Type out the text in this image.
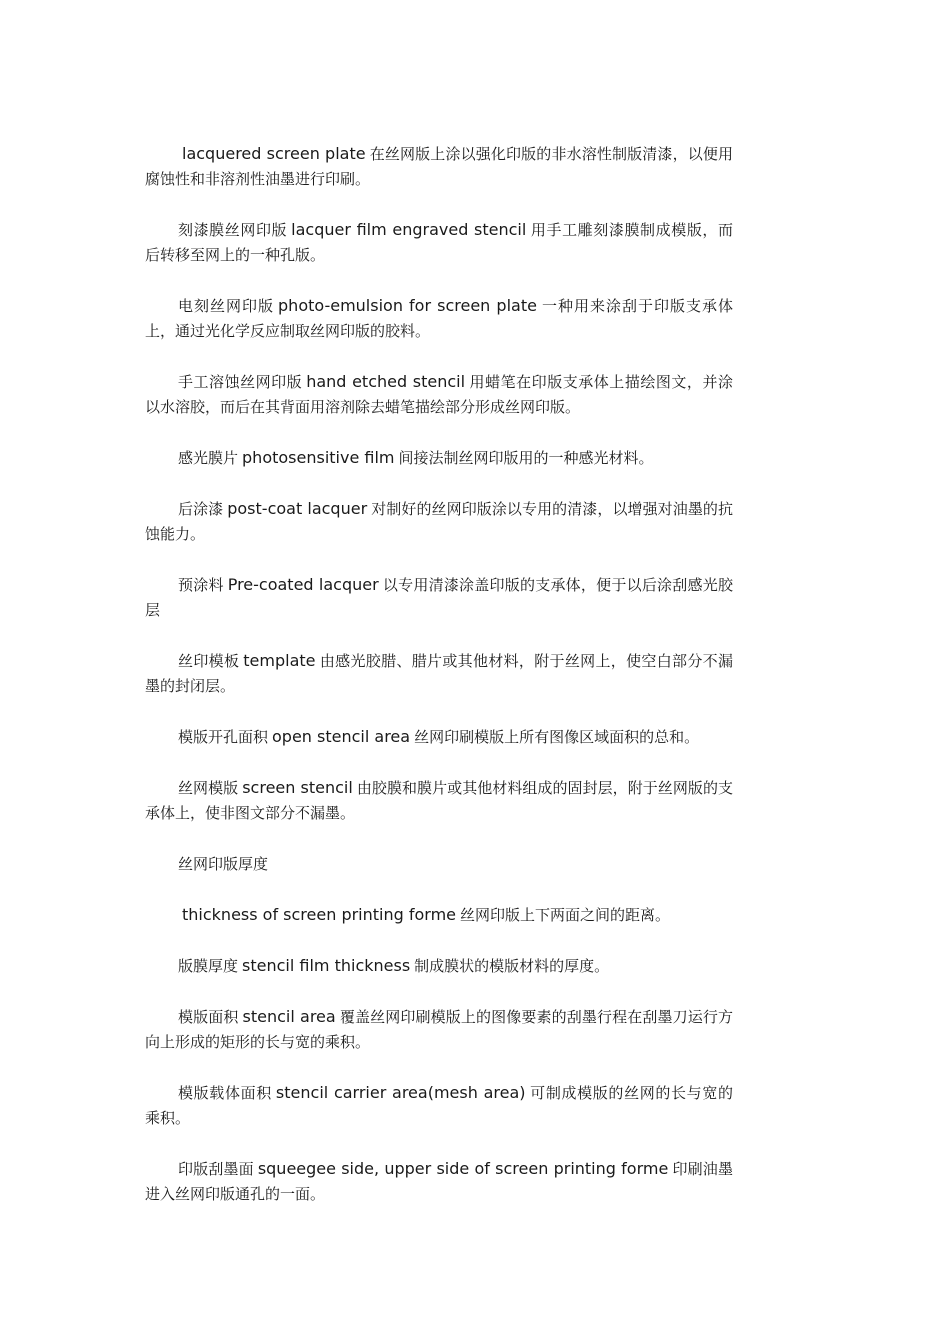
lacquered screen plate 在丝网版上涂以强化印版的非水溶性制版清漆，以便用腐蚀性和非溶剂性油墨进行印刷。

刻漆膜丝网印版 lacquer film engraved stencil 用手工雕刻漆膜制成模版，而后转移至网上的一种孔版。

电刻丝网印版 photo-emulsion for screen plate 一种用来涂刮于印版支承体上，通过光化学反应制取丝网印版的胶料。

手工溶蚀丝网印版 hand etched stencil 用蜡笔在印版支承体上描绘图文，并涂以水溶胶，而后在其背面用溶剂除去蜡笔描绘部分形成丝网印版。

感光膜片 photosensitive film 间接法制丝网印版用的一种感光材料。

后涂漆 post-coat lacquer 对制好的丝网印版涂以专用的清漆，以增强对油墨的抗蚀能力。

预涂料 Pre-coated lacquer 以专用清漆涂盖印版的支承体，便于以后涂刮感光胶层

丝印模板 template 由感光胶腊、腊片或其他材料，附于丝网上，使空白部分不漏墨的封闭层。

模版开孔面积 open stencil area 丝网印刷模版上所有图像区域面积的总和。

丝网模版 screen stencil 由胶膜和膜片或其他材料组成的固封层，附于丝网版的支承体上，使非图文部分不漏墨。

丝网印版厚度

thickness of screen printing forme 丝网印版上下两面之间的距离。

版膜厚度 stencil film thickness 制成膜状的模版材料的厚度。

模版面积 stencil area 覆盖丝网印刷模版上的图像要素的刮墨行程在刮墨刀运行方向上形成的矩形的长与宽的乘积。

模版载体面积 stencil carrier area(mesh area) 可制成模版的丝网的长与宽的乘积。

印版刮墨面 squeegee side, upper side of screen printing forme 印刷油墨进入丝网印版通孔的一面。
